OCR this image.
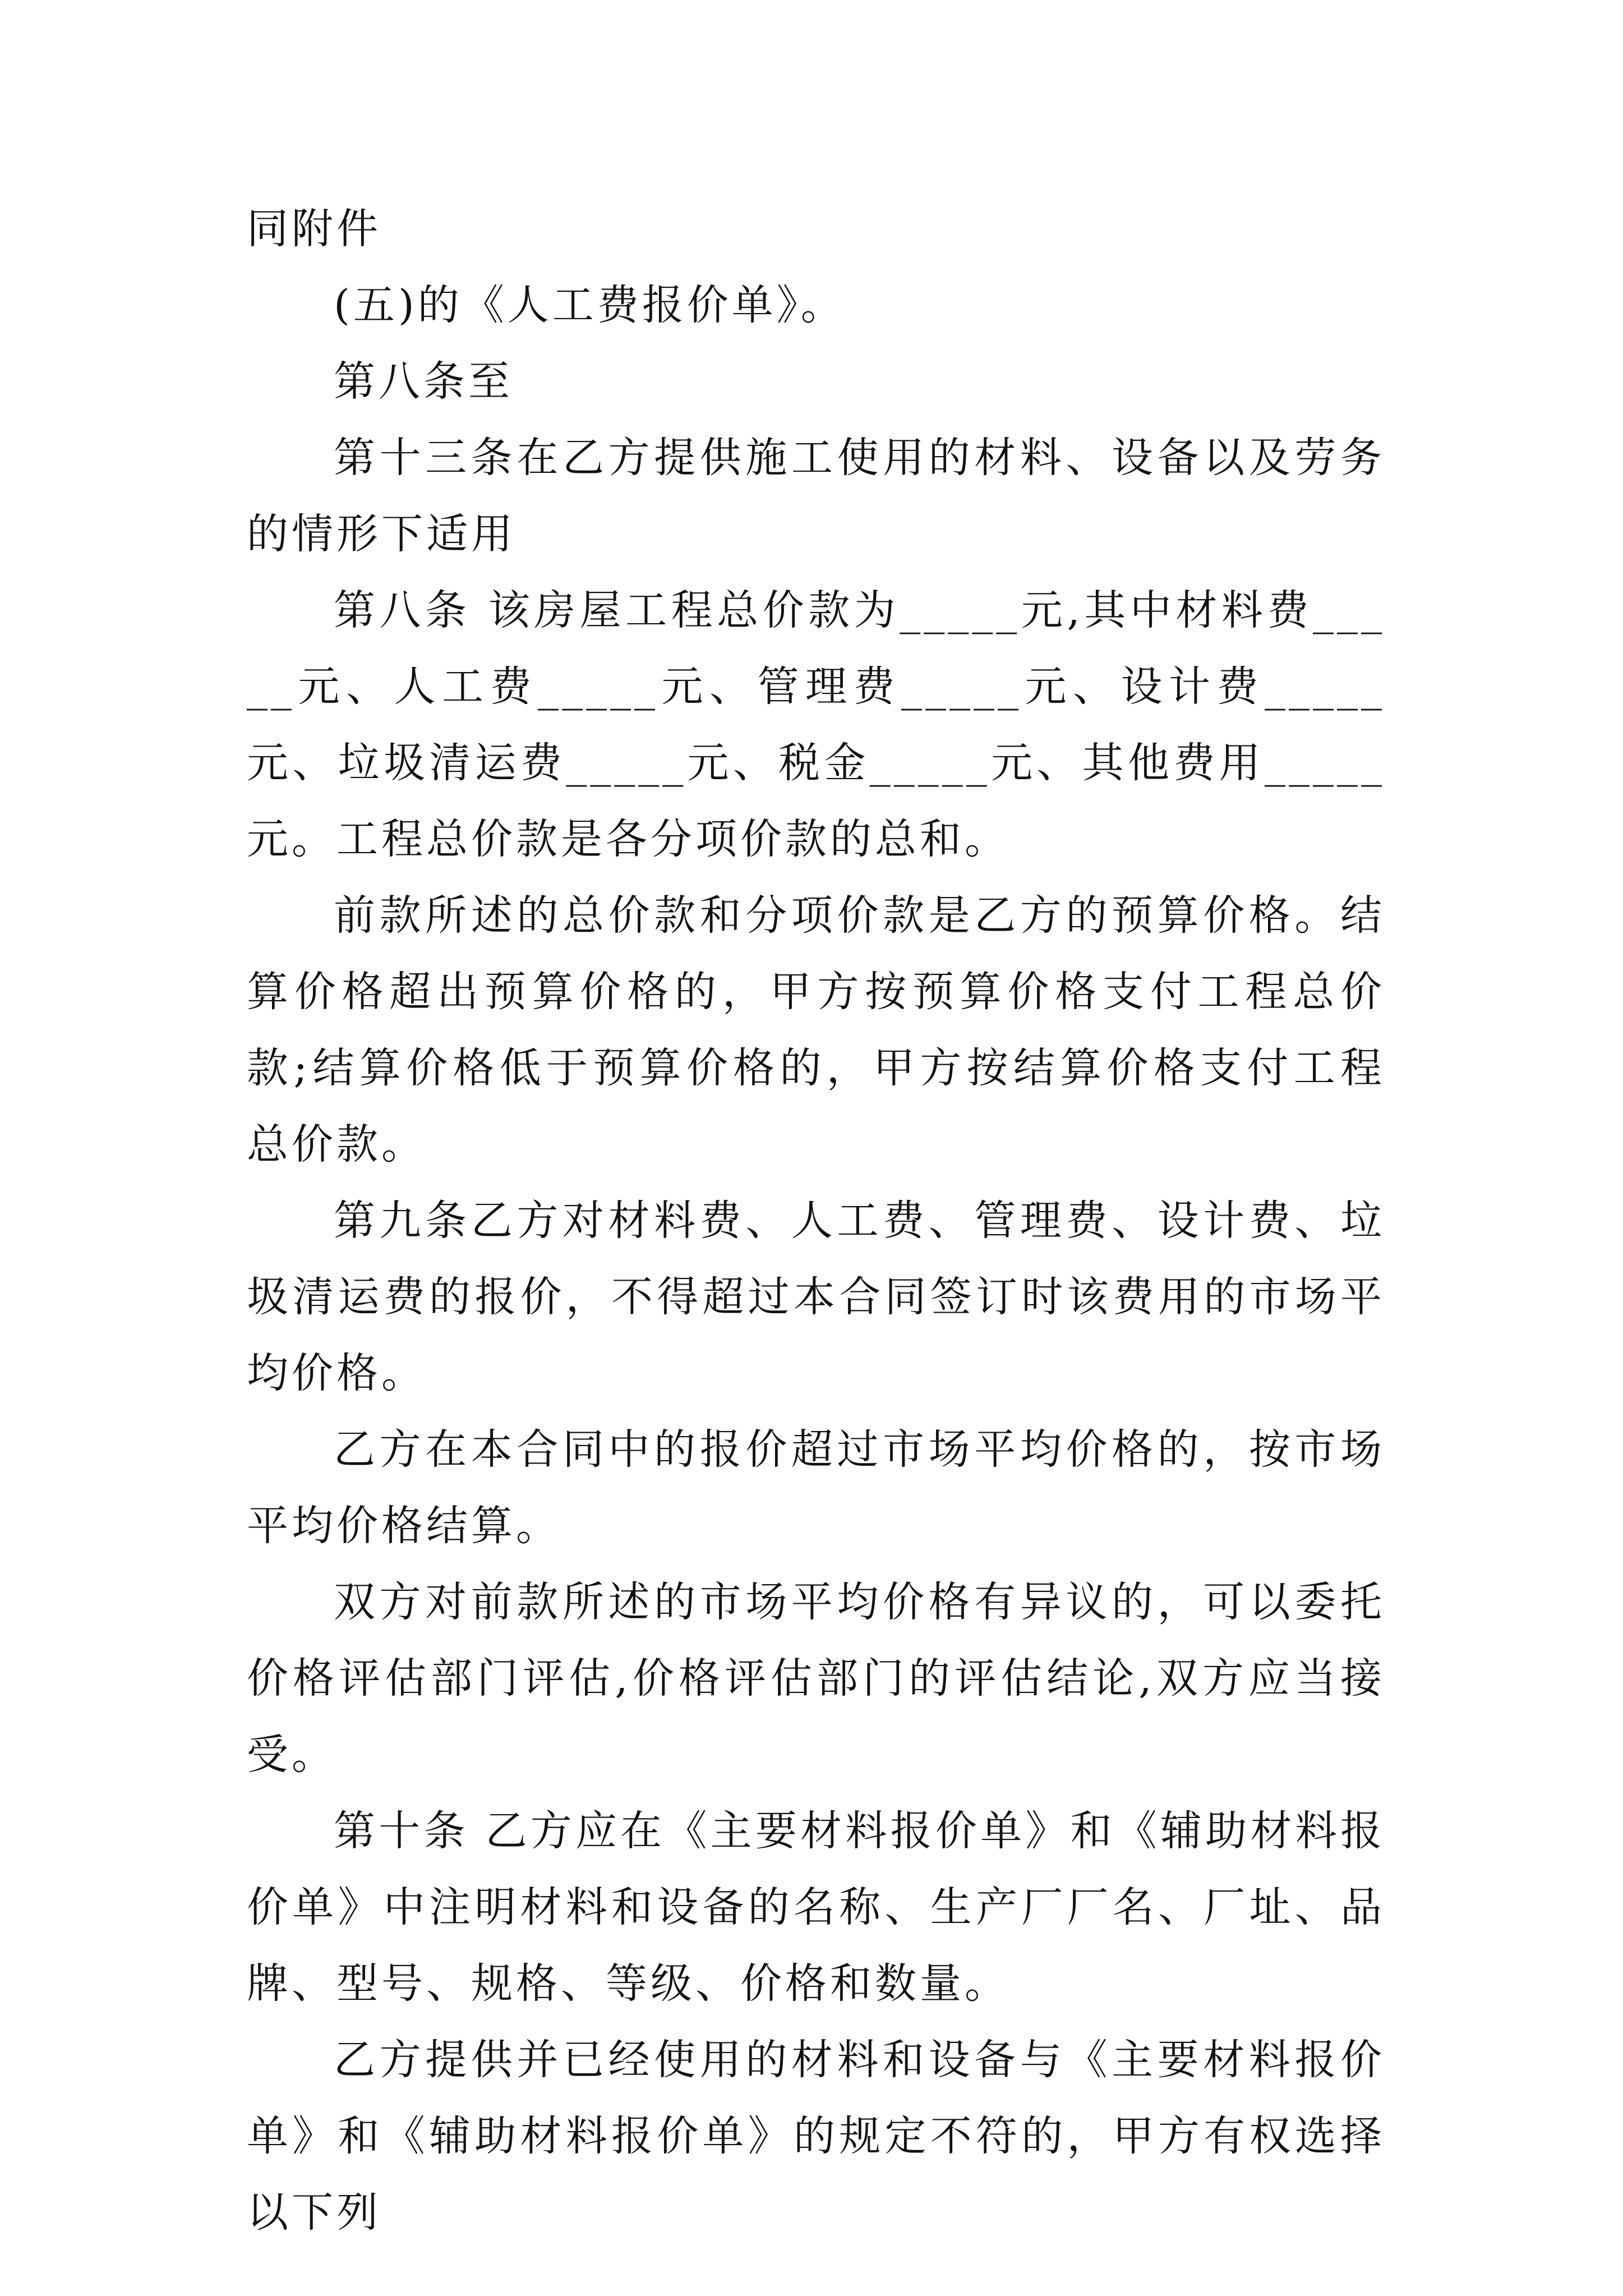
同附件

(五)的《人工费报价单》。

第八条至

第十三条在乙方提供施工使用的材料、设备以及劳务的情形下适用

第八条 该房屋工程总价款为_____元,其中材料费_____元、人工费_____元、管理费_____元、设计费_____元、垃圾清运费_____元、税金_____元、其他费用_____元。工程总价款是各分项价款的总和。

前款所述的总价款和分项价款是乙方的预算价格。结算价格超出预算价格的，甲方按预算价格支付工程总价款;结算价格低于预算价格的，甲方按结算价格支付工程总价款。

第九条乙方对材料费、人工费、管理费、设计费、垃圾清运费的报价，不得超过本合同签订时该费用的市场平均价格。

乙方在本合同中的报价超过市场平均价格的，按市场平均价格结算。

双方对前款所述的市场平均价格有异议的，可以委托价格评估部门评估,价格评估部门的评估结论,双方应当接受。

第十条 乙方应在《主要材料报价单》和《辅助材料报价单》中注明材料和设备的名称、生产厂厂名、厂址、品牌、型号、规格、等级、价格和数量。

乙方提供并已经使用的材料和设备与《主要材料报价单》和《辅助材料报价单》的规定不符的，甲方有权选择以下列
